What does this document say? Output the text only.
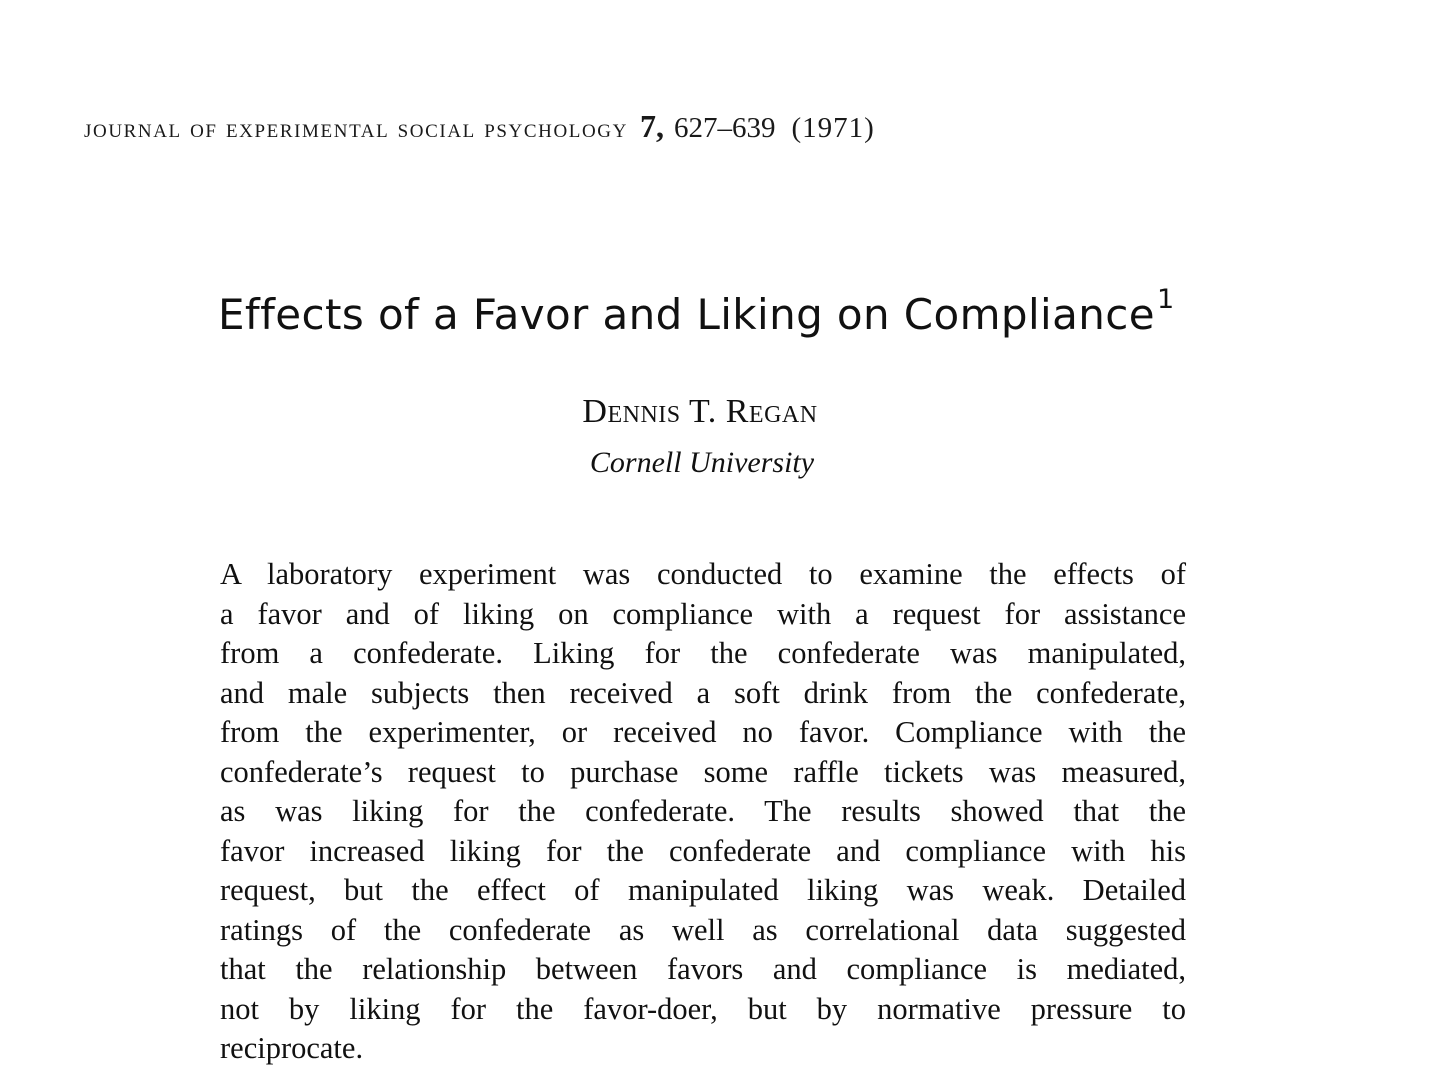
journal of experimental social psychology 7, 627–639 (1971)
Effects of a Favor and Liking on Compliance$^1$
Dennis T. Regan
Cornell University
A laboratory experiment was conducted to examine the effects of
a favor and of liking on compliance with a request for assistance
from a confederate. Liking for the confederate was manipulated,
and male subjects then received a soft drink from the confederate,
from the experimenter, or received no favor. Compliance with the
confederate’s request to purchase some raffle tickets was measured,
as was liking for the confederate. The results showed that the
favor increased liking for the confederate and compliance with his
request, but the effect of manipulated liking was weak. Detailed
ratings of the confederate as well as correlational data suggested
that the relationship between favors and compliance is mediated,
not by liking for the favor-doer, but by normative pressure to
reciprocate.
